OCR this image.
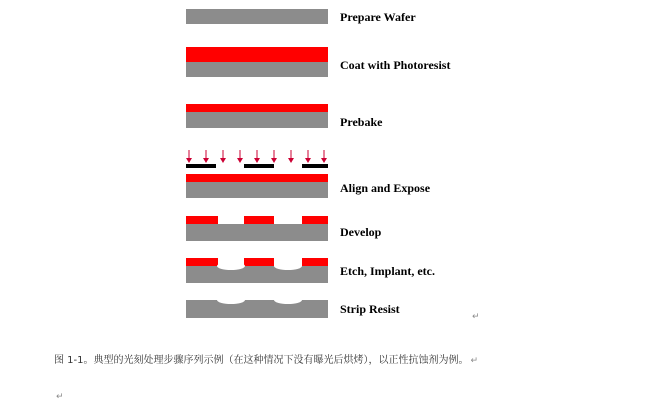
Prepare Wafer
Coat with Photoresist
Prebake
Align and Expose
Develop
Etch, Implant, etc.
Strip Resist
↵
图 1-1。典型的光刻处理步骤序列示例（在这种情况下没有曝光后烘烤），以正性抗蚀剂为例。 ↵
↵
